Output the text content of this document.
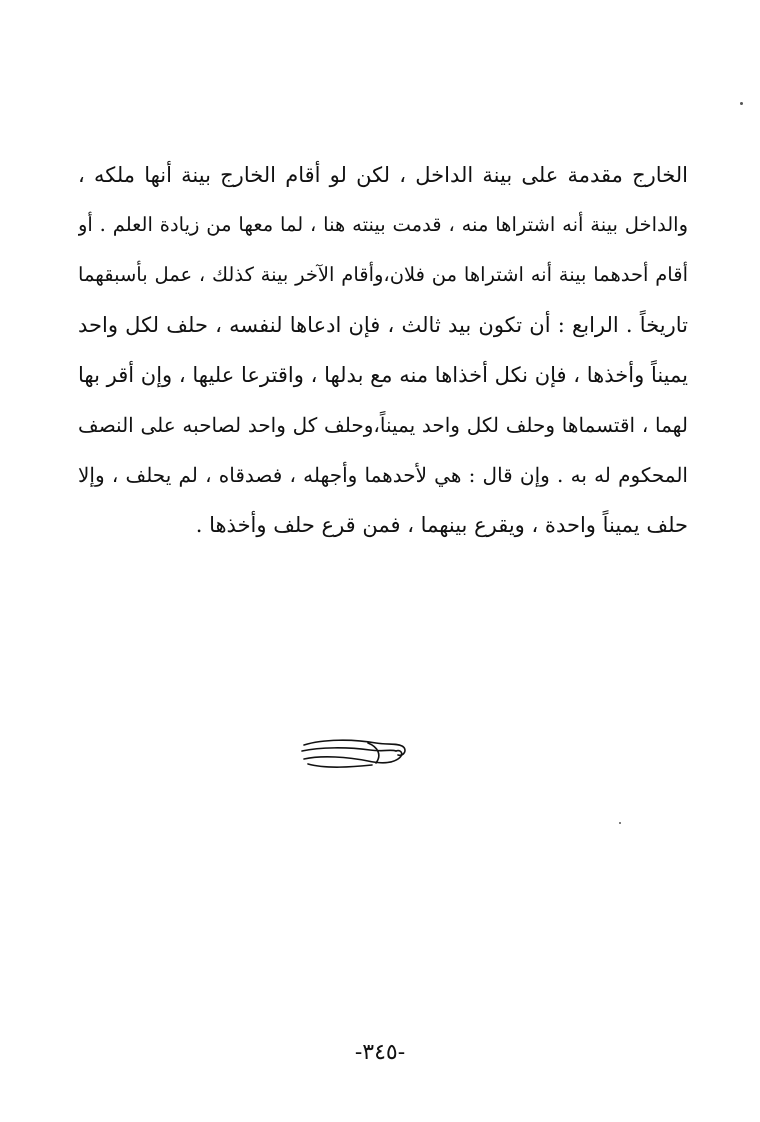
الخارج مقدمة على بينة الداخل ، لكن لو أقام الخارج بينة أنها ملكه ،
والداخل بينة أنه اشتراها منه ، قدمت بينته هنا ، لما معها من زيادة العلم . أو
أقام أحدهما بينة أنه اشتراها من فلان،وأقام الآخر بينة كذلك ، عمل بأسبقهما
تاريخاً . الرابع : أن تكون بيد ثالث ، فإن ادعاها لنفسه ، حلف لكل واحد
يميناً وأخذها ، فإن نكل أخذاها منه مع بدلها ، واقترعا عليها ، وإن أقر بها
لهما ، اقتسماها وحلف لكل واحد يميناً،وحلف كل واحد لصاحبه على النصف
المحكوم له به . وإن قال : هي لأحدهما وأجهله ، فصدقاه ، لم يحلف ، وإلا
حلف يميناً واحدة ، ويقرع بينهما ، فمن قرع حلف وأخذها .
-٣٤٥-
